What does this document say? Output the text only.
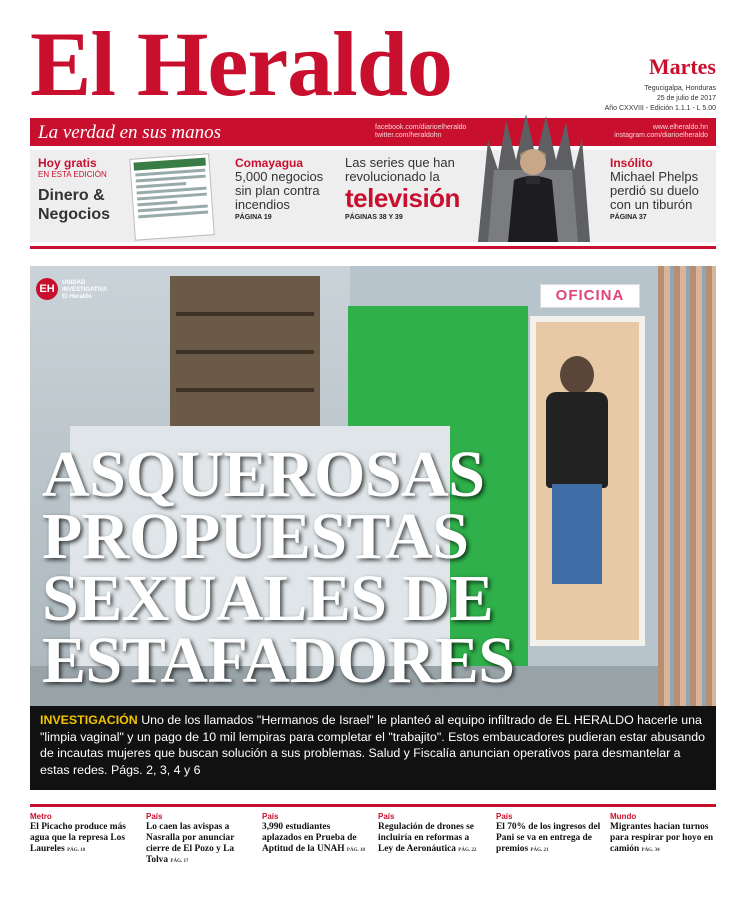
El Heraldo	Martes
Tegucigalpa, Honduras
25 de julio de 2017
Año CXXVIII - Edición 1.1.1 - L 5.00
La verdad en sus manos	facebook.com/diarioelheraldo
twitter.com/heraldohn
www.elheraldo.hn
instagram.com/diarioelheraldo
Hoy gratis
EN ESTA EDICIÓN
Dinero &
Negocios
Comayagua
5,000 negocios
sin plan contra
incendios
PÁGINA 19
Las series que han
revolucionado la
televisión
PÁGINAS 38 Y 39
Insólito
Michael Phelps
perdió su duelo
con un tiburón
PÁGINA 37
OFICINA
EH	UNIDAD
INVESTIGATIVA
El Heraldo
ASQUEROSAS
PROPUESTAS
SEXUALES DE
ESTAFADORES
INVESTIGACIÓN Uno de los llamados "Hermanos de Israel" le planteó al equipo infiltrado de EL HERALDO hacerle una "limpia vaginal" y un pago de 10 mil lempiras para completar el "trabajito". Estos embaucadores pudieran estar abusando de incautas mujeres que buscan solución a sus problemas. Salud y Fiscalía anuncian operativos para desmantelar a estas redes. Págs. 2, 3, 4 y 6
Metro
El Picacho produce más agua que la represa Los Laureles PÁG. 10
País
Lo caen las avispas a Nasralla por anunciar cierre de El Pozo y La Tolva PÁG. 17
País
3,990 estudiantes aplazados en Prueba de Aptitud de la UNAH PÁG. 18
País
Regulación de drones se incluiría en reformas a Ley de Aeronáutica PÁG. 22
País
El 70% de los ingresos del Pani se va en entrega de premios PÁG. 21
Mundo
Migrantes hacían turnos para respirar por hoyo en camión PÁG. 34
